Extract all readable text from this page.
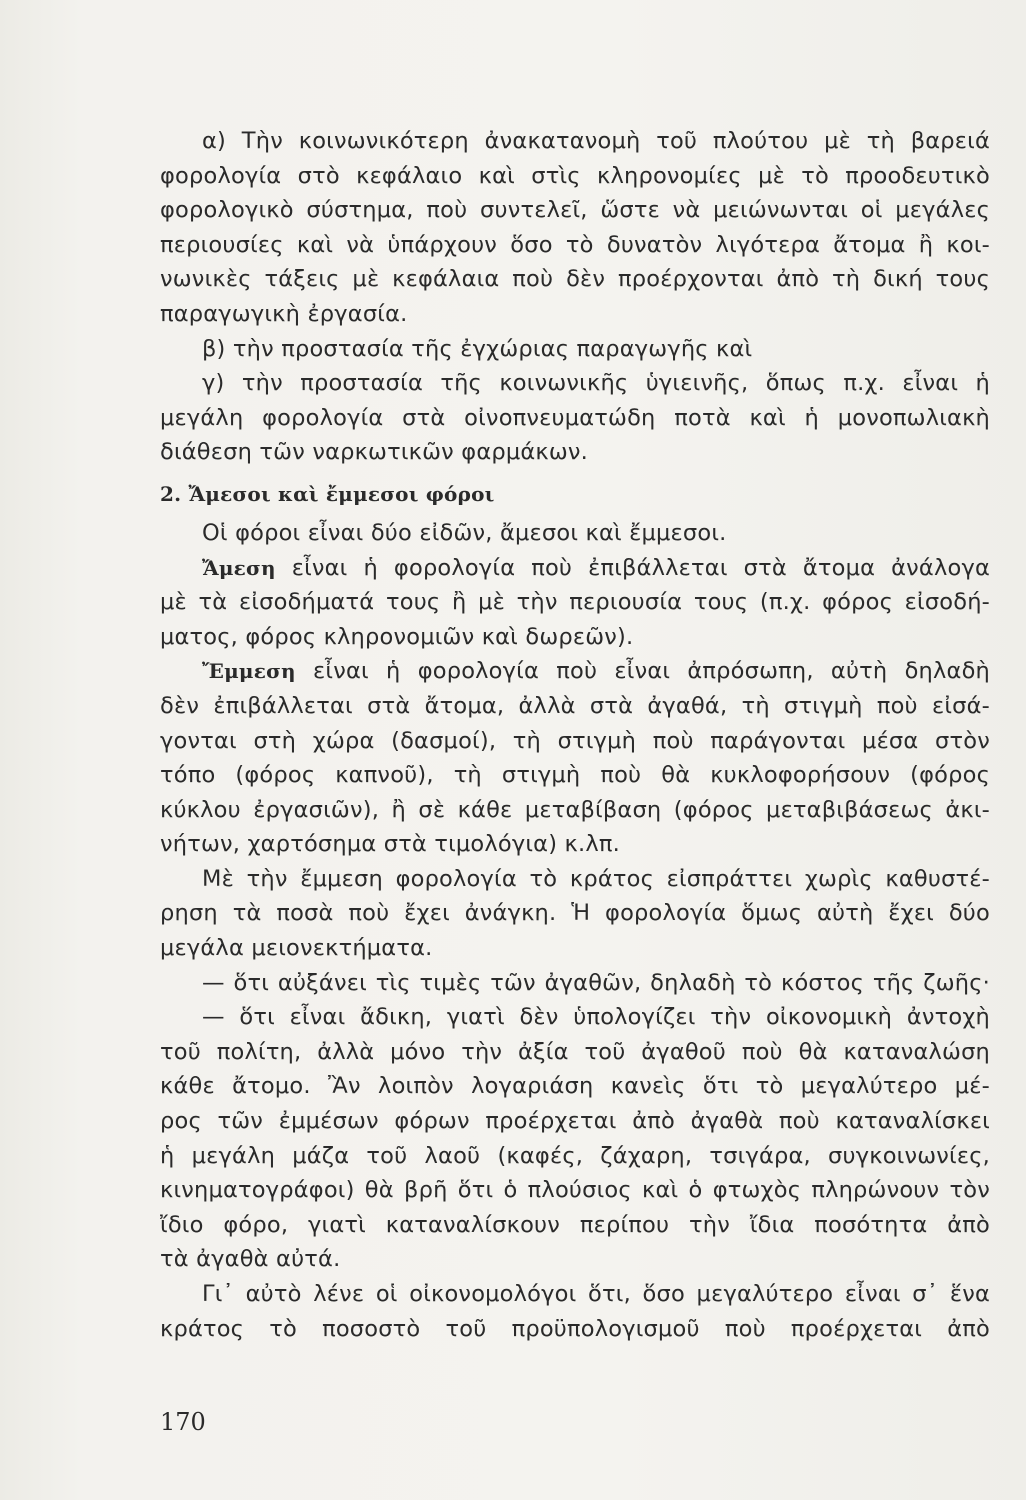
α) Τὴν κοινωνικότερη ἀνακατανομὴ τοῦ πλούτου μὲ τὴ βαρειά
φορολογία στὸ κεφάλαιο καὶ στὶς κληρονομίες μὲ τὸ προοδευτικὸ
φορολογικὸ σύστημα, ποὺ συντελεῖ, ὥστε νὰ μειώνωνται οἱ μεγάλες
περιουσίες καὶ νὰ ὑπάρχουν ὅσο τὸ δυνατὸν λιγότερα ἄτομα ἢ κοι-
νωνικὲς τάξεις μὲ κεφάλαια ποὺ δὲν προέρχονται ἀπὸ τὴ δική τους
παραγωγικὴ ἐργασία.
β) τὴν προστασία τῆς ἐγχώριας παραγωγῆς καὶ
γ) τὴν προστασία τῆς κοινωνικῆς ὑγιεινῆς, ὅπως π.χ. εἶναι ἡ
μεγάλη φορολογία στὰ οἰνοπνευματώδη ποτὰ καὶ ἡ μονοπωλιακὴ
διάθεση τῶν ναρκωτικῶν φαρμάκων.
2. Ἄμεσοι καὶ ἔμμεσοι φόροι
Οἱ φόροι εἶναι δύο εἰδῶν, ἄμεσοι καὶ ἔμμεσοι.
Ἄμεση εἶναι ἡ φορολογία ποὺ ἐπιβάλλεται στὰ ἄτομα ἀνάλογα
μὲ τὰ εἰσοδήματά τους ἢ μὲ τὴν περιουσία τους (π.χ. φόρος εἰσοδή-
ματος, φόρος κληρονομιῶν καὶ δωρεῶν).
Ἔμμεση εἶναι ἡ φορολογία ποὺ εἶναι ἀπρόσωπη, αὐτὴ δηλαδὴ
δὲν ἐπιβάλλεται στὰ ἄτομα, ἀλλὰ στὰ ἀγαθά, τὴ στιγμὴ ποὺ εἰσά-
γονται στὴ χώρα (δασμοί), τὴ στιγμὴ ποὺ παράγονται μέσα στὸν
τόπο (φόρος καπνοῦ), τὴ στιγμὴ ποὺ θὰ κυκλοφορήσουν (φόρος
κύκλου ἐργασιῶν), ἢ σὲ κάθε μεταβίβαση (φόρος μεταβιβάσεως ἀκι-
νήτων, χαρτόσημα στὰ τιμολόγια) κ.λπ.
Μὲ τὴν ἔμμεση φορολογία τὸ κράτος εἰσπράττει χωρὶς καθυστέ-
ρηση τὰ ποσὰ ποὺ ἔχει ἀνάγκη. Ἡ φορολογία ὅμως αὐτὴ ἔχει δύο
μεγάλα μειονεκτήματα.
— ὅτι αὐξάνει τὶς τιμὲς τῶν ἀγαθῶν, δηλαδὴ τὸ κόστος τῆς ζωῆς·
— ὅτι εἶναι ἄδικη, γιατὶ δὲν ὑπολογίζει τὴν οἰκονομικὴ ἀντοχὴ
τοῦ πολίτη, ἀλλὰ μόνο τὴν ἀξία τοῦ ἀγαθοῦ ποὺ θὰ καταναλώση
κάθε ἄτομο. Ἂν λοιπὸν λογαριάση κανεὶς ὅτι τὸ μεγαλύτερο μέ-
ρος τῶν ἐμμέσων φόρων προέρχεται ἀπὸ ἀγαθὰ ποὺ καταναλίσκει
ἡ μεγάλη μάζα τοῦ λαοῦ (καφές, ζάχαρη, τσιγάρα, συγκοινωνίες,
κινηματογράφοι) θὰ βρῆ ὅτι ὁ πλούσιος καὶ ὁ φτωχὸς πληρώνουν τὸν
ἴδιο φόρο, γιατὶ καταναλίσκουν περίπου τὴν ἴδια ποσότητα ἀπὸ
τὰ ἀγαθὰ αὐτά.
Γι᾿ αὐτὸ λένε οἱ οἰκονομολόγοι ὅτι, ὅσο μεγαλύτερο εἶναι σ᾿ ἕνα
κράτος τὸ ποσοστὸ τοῦ προϋπολογισμοῦ ποὺ προέρχεται ἀπὸ
170
